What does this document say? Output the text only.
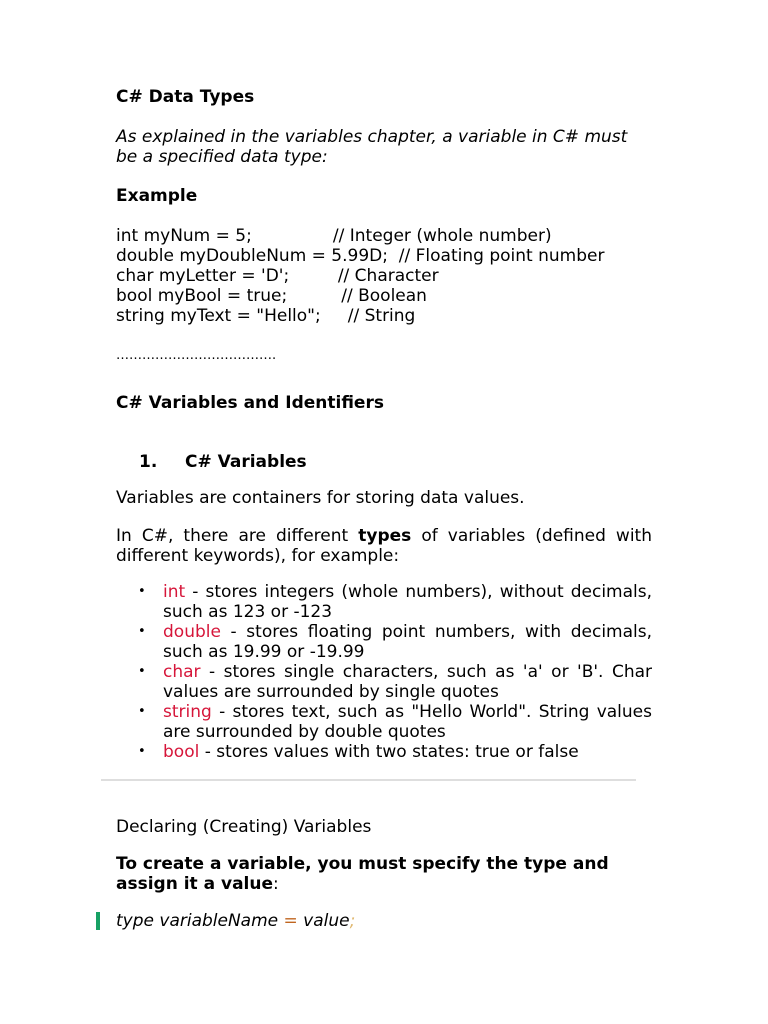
C# Data Types
As explained in the variables chapter, a variable in C# must be a specified data type:
Example
int myNum = 5;	// Integer (whole number)
double myDoubleNum = 5.99D; // Floating point number
char myLetter = 'D';	// Character
bool myBool = true;	// Boolean
string myText = "Hello"; // String
……………………………….
C# Variables and Identifiers
1. C# Variables
Variables are containers for storing data values.
In C#, there are different types of variables (defined with different keywords), for example:
• int - stores integers (whole numbers), without decimals, such as 123 or -123
• double - stores floating point numbers, with decimals, such as 19.99 or -19.99
• char - stores single characters, such as 'a' or 'B'. Char values are surrounded by single quotes
• string - stores text, such as "Hello World". String values are surrounded by double quotes
• bool - stores values with two states: true or false
Declaring (Creating) Variables
To create a variable, you must specify the type and assign it a value:
type variableName = value;
